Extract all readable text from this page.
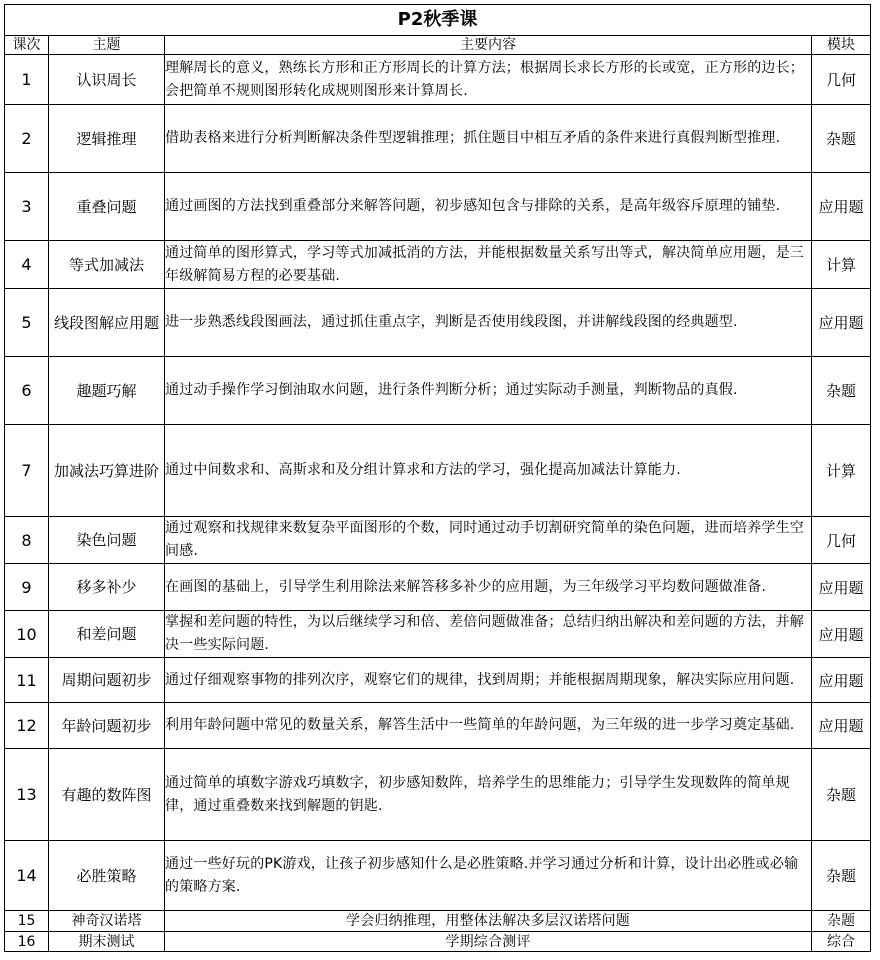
P2秋季课			
课次	主题	主要内容	模块
1	认识周长	理解周长的意义，熟练长方形和正方形周长的计算方法；根据周长求长方形的长或宽，正方形的边长；会把简单不规则图形转化成规则图形来计算周长.	几何
2	逻辑推理	借助表格来进行分析判断解决条件型逻辑推理；抓住题目中相互矛盾的条件来进行真假判断型推理.	杂题
3	重叠问题	通过画图的方法找到重叠部分来解答问题，初步感知包含与排除的关系，是高年级容斥原理的铺垫.	应用题
4	等式加减法	通过简单的图形算式，学习等式加减抵消的方法，并能根据数量关系写出等式，解决简单应用题，是三年级解简易方程的必要基础.	计算
5	线段图解应用题	进一步熟悉线段图画法，通过抓住重点字，判断是否使用线段图，并讲解线段图的经典题型.	应用题
6	趣题巧解	通过动手操作学习倒油取水问题，进行条件判断分析；通过实际动手测量，判断物品的真假.	杂题
7	加减法巧算进阶	通过中间数求和、高斯求和及分组计算求和方法的学习，强化提高加减法计算能力.	计算
8	染色问题	通过观察和找规律来数复杂平面图形的个数，同时通过动手切割研究简单的染色问题，进而培养学生空间感.	几何
9	移多补少	在画图的基础上，引导学生利用除法来解答移多补少的应用题，为三年级学习平均数问题做准备.	应用题
10	和差问题	掌握和差问题的特性，为以后继续学习和倍、差倍问题做准备；总结归纳出解决和差问题的方法，并解决一些实际问题.	应用题
11	周期问题初步	通过仔细观察事物的排列次序，观察它们的规律，找到周期；并能根据周期现象，解决实际应用问题.	应用题
12	年龄问题初步	利用年龄问题中常见的数量关系，解答生活中一些简单的年龄问题，为三年级的进一步学习奠定基础.	应用题
13	有趣的数阵图	通过简单的填数字游戏巧填数字，初步感知数阵，培养学生的思维能力；引导学生发现数阵的简单规律，通过重叠数来找到解题的钥匙.	杂题
14	必胜策略	通过一些好玩的PK游戏，让孩子初步感知什么是必胜策略.并学习通过分析和计算，设计出必胜或必输的策略方案.	杂题
15	神奇汉诺塔	学会归纳推理，用整体法解决多层汉诺塔问题	杂题
16	期末测试	学期综合测评	综合
